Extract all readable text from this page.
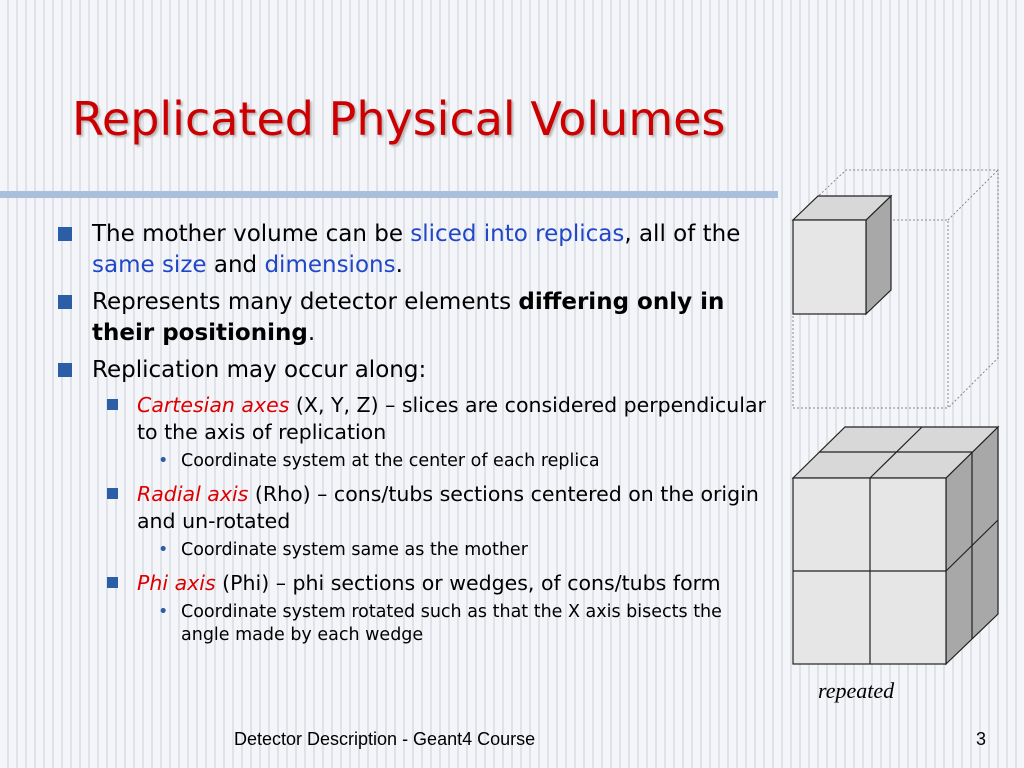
Replicated Physical Volumes
The mother volume can be sliced into replicas, all of the same size and dimensions.
Represents many detector elements differing only in their positioning.
Replication may occur along:
Cartesian axes (X, Y, Z) – slices are considered perpendicular to the axis of replication
• Coordinate system at the center of each replica
Radial axis (Rho) – cons/tubs sections centered on the origin and un-rotated
• Coordinate system same as the mother
Phi axis (Phi) – phi sections or wedges, of cons/tubs form
• Coordinate system rotated such as that the X axis bisects the angle made by each wedge
repeated
Detector Description - Geant4 Course	3
